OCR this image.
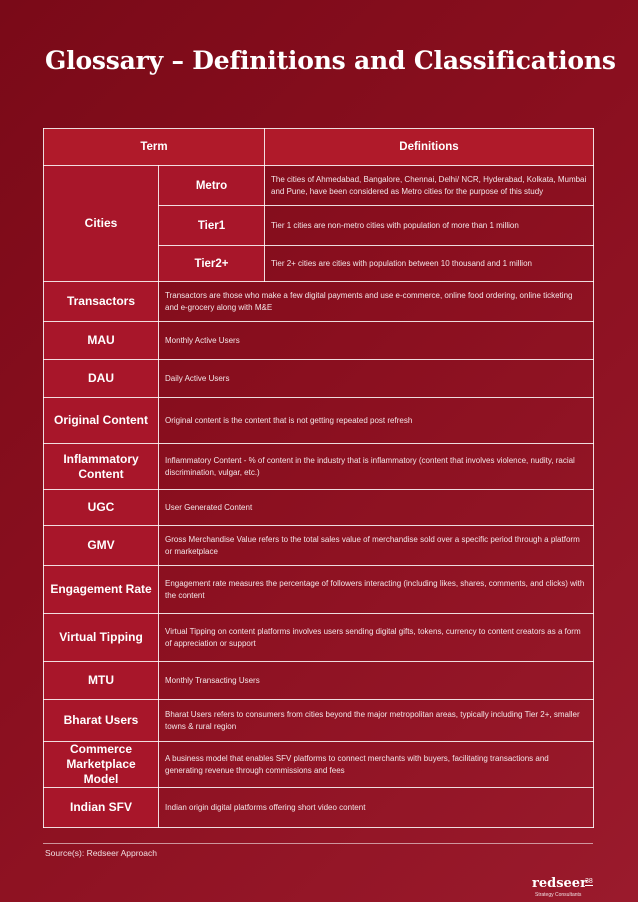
Glossary – Definitions and Classifications
Term		Definitions
Cities	Metro	The cities of Ahmedabad, Bangalore, Chennai, Delhi/ NCR, Hyderabad, Kolkata, Mumbai and Pune, have been considered as Metro cities for the purpose of this study
	Tier1	Tier 1 cities are non-metro cities with population of more than 1 million
	Tier2+	Tier 2+ cities are cities with population between 10 thousand and 1 million
Transactors	Transactors are those who make a few digital payments and use e-commerce, online food ordering, online ticketing and e-grocery along with M&E	
MAU	Monthly Active Users	
DAU	Daily Active Users	
Original Content	Original content is the content that is not getting repeated post refresh	
Inflammatory Content	Inflammatory Content - % of content in the industry that is inflammatory (content that involves violence, nudity, racial discrimination, vulgar, etc.)	
UGC	User Generated Content	
GMV	Gross Merchandise Value refers to the total sales value of merchandise sold over a specific period through a platform or marketplace	
Engagement Rate	Engagement rate measures the percentage of followers interacting (including likes, shares, comments, and clicks) with the content	
Virtual Tipping	Virtual Tipping on content platforms involves users sending digital gifts, tokens, currency to content creators as a form of appreciation or support	
MTU	Monthly Transacting Users	
Bharat Users	Bharat Users refers to consumers from cities beyond the major metropolitan areas, typically including Tier 2+, smaller towns & rural region	
Commerce Marketplace Model	A business model that enables SFV platforms to connect merchants with buyers, facilitating transactions and generating revenue through commissions and fees	
Indian SFV	Indian origin digital platforms offering short video content	
Source(s): Redseer Approach
redseer
Strategy Consultants
38
